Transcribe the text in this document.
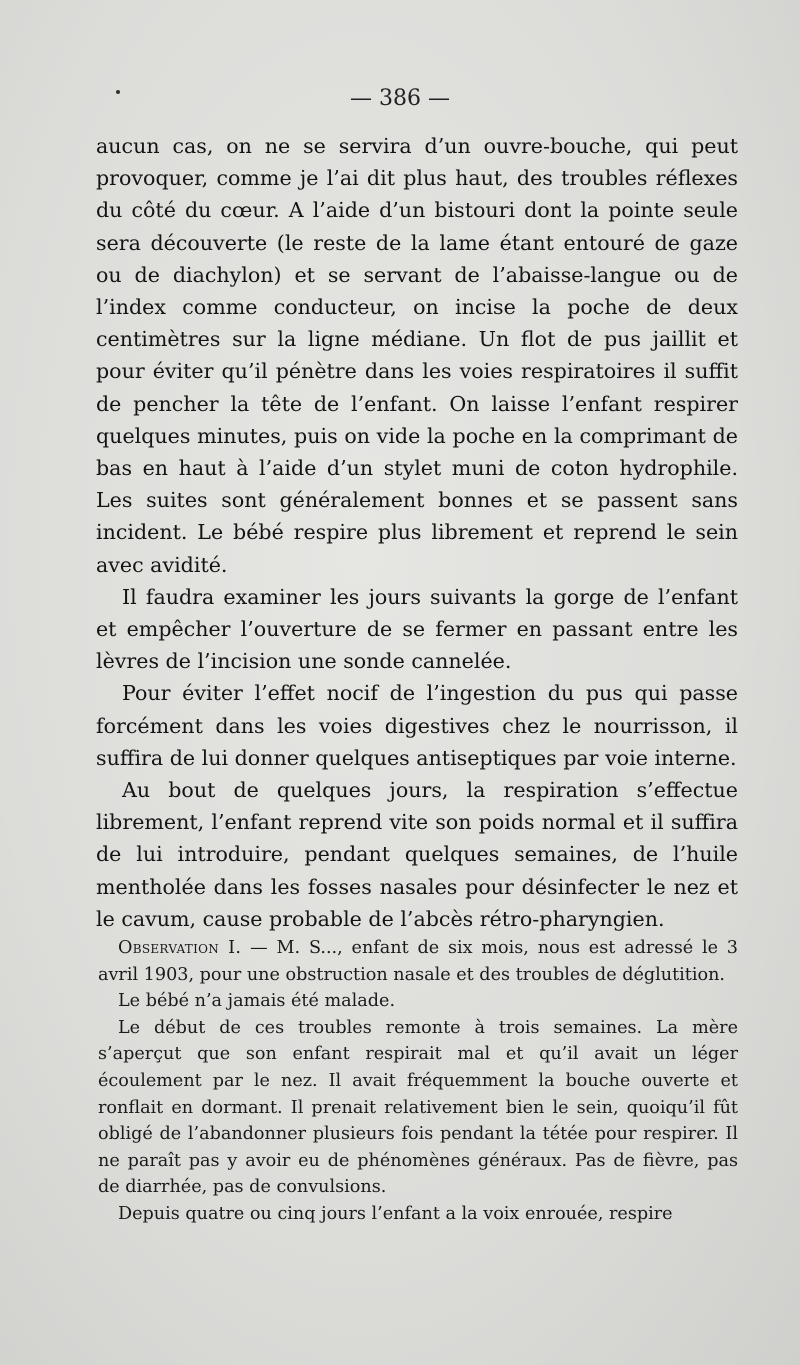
— 386 —

aucun cas, on ne se servira d’un ouvre-bouche, qui peut provoquer, comme je l’ai dit plus haut, des troubles réflexes du côté du cœur. A l’aide d’un bistouri dont la pointe seule sera découverte (le reste de la lame étant entouré de gaze ou de diachylon) et se servant de l’abaisse-langue ou de l’index comme conducteur, on incise la poche de deux centimètres sur la ligne médiane. Un flot de pus jaillit et pour éviter qu’il pénètre dans les voies respiratoires il suffit de pencher la tête de l’enfant. On laisse l’enfant respirer quelques minutes, puis on vide la poche en la comprimant de bas en haut à l’aide d’un stylet muni de coton hydrophile. Les suites sont généralement bonnes et se passent sans incident. Le bébé respire plus librement et reprend le sein avec avidité.

Il faudra examiner les jours suivants la gorge de l’enfant et empêcher l’ouverture de se fermer en passant entre les lèvres de l’incision une sonde cannelée.

Pour éviter l’effet nocif de l’ingestion du pus qui passe forcément dans les voies digestives chez le nourrisson, il suffira de lui donner quelques antiseptiques par voie interne.

Au bout de quelques jours, la respiration s’effectue librement, l’enfant reprend vite son poids normal et il suffira de lui introduire, pendant quelques semaines, de l’huile mentholée dans les fosses nasales pour désinfecter le nez et le cavum, cause probable de l’abcès rétro-pharyngien.

Observation I. — M. S..., enfant de six mois, nous est adressé le 3 avril 1903, pour une obstruction nasale et des troubles de déglutition.

Le bébé n’a jamais été malade.

Le début de ces troubles remonte à trois semaines. La mère s’aperçut que son enfant respirait mal et qu’il avait un léger écoulement par le nez. Il avait fréquemment la bouche ouverte et ronflait en dormant. Il prenait relativement bien le sein, quoiqu’il fût obligé de l’abandonner plusieurs fois pendant la tétée pour respirer. Il ne paraît pas y avoir eu de phénomènes généraux. Pas de fièvre, pas de diarrhée, pas de convulsions.

Depuis quatre ou cinq jours l’enfant a la voix enrouée, respire
